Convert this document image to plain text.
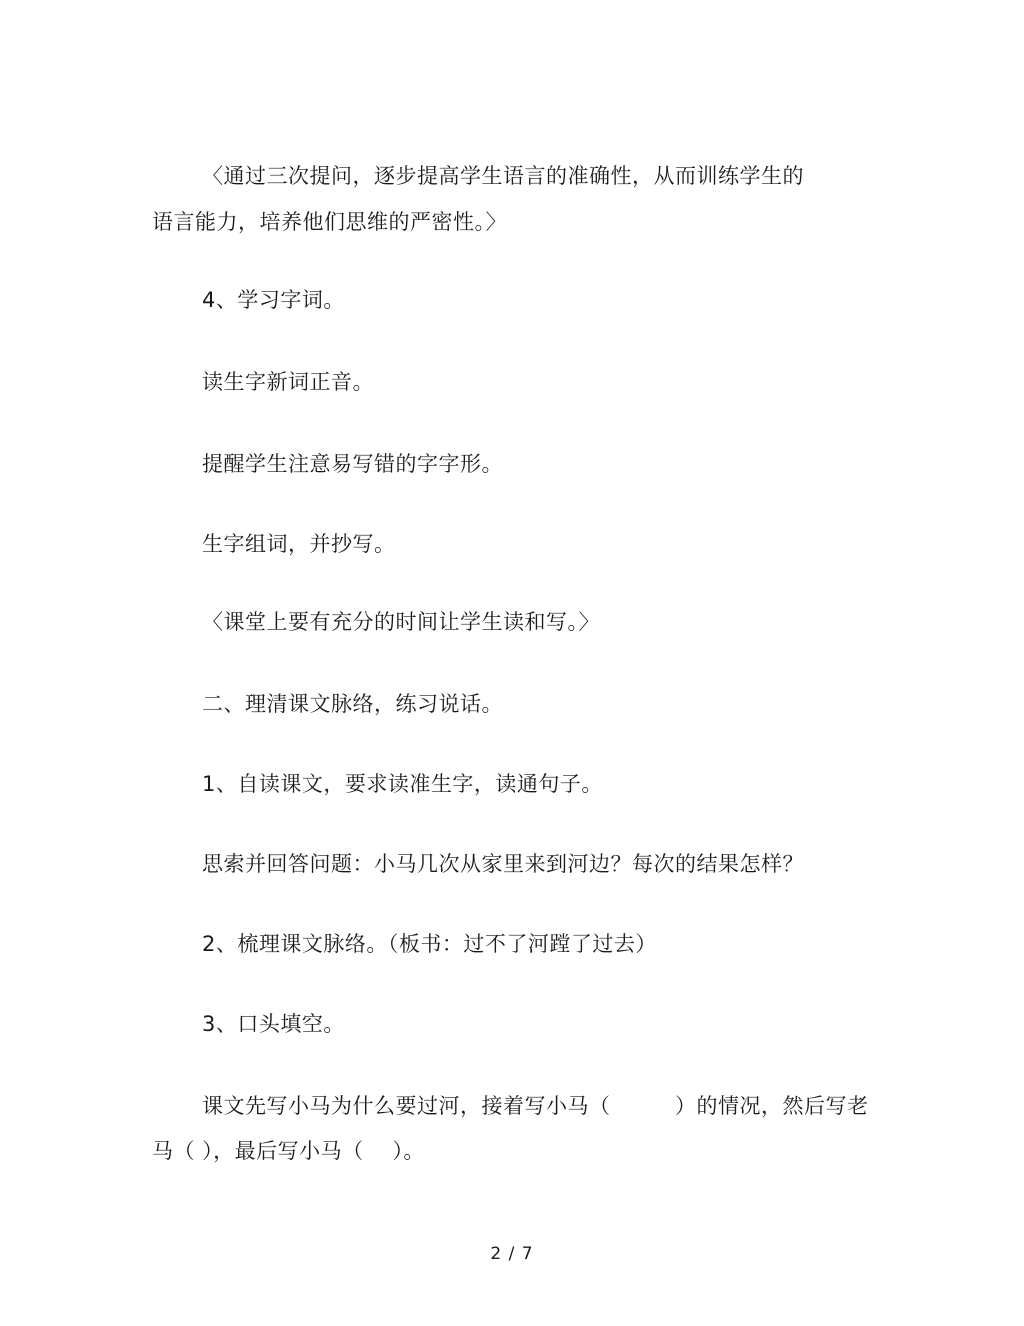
〈通过三次提问，逐步提高学生语言的准确性，从而训练学生的
语言能力，培养他们思维的严密性。〉
4、学习字词。
读生字新词正音。
提醒学生注意易写错的字字形。
生字组词，并抄写。
〈课堂上要有充分的时间让学生读和写。〉
二、理清课文脉络，练习说话。
1、自读课文，要求读准生字，读通句子。
思索并回答问题：小马几次从家里来到河边？每次的结果怎样？
2、梳理课文脉络。（板书：过不了河蹚了过去）
3、口头填空。
课文先写小马为什么要过河，接着写小马（　　　）的情况，然后写老
马（ ），最后写小马（　 ）。
2 / 7
